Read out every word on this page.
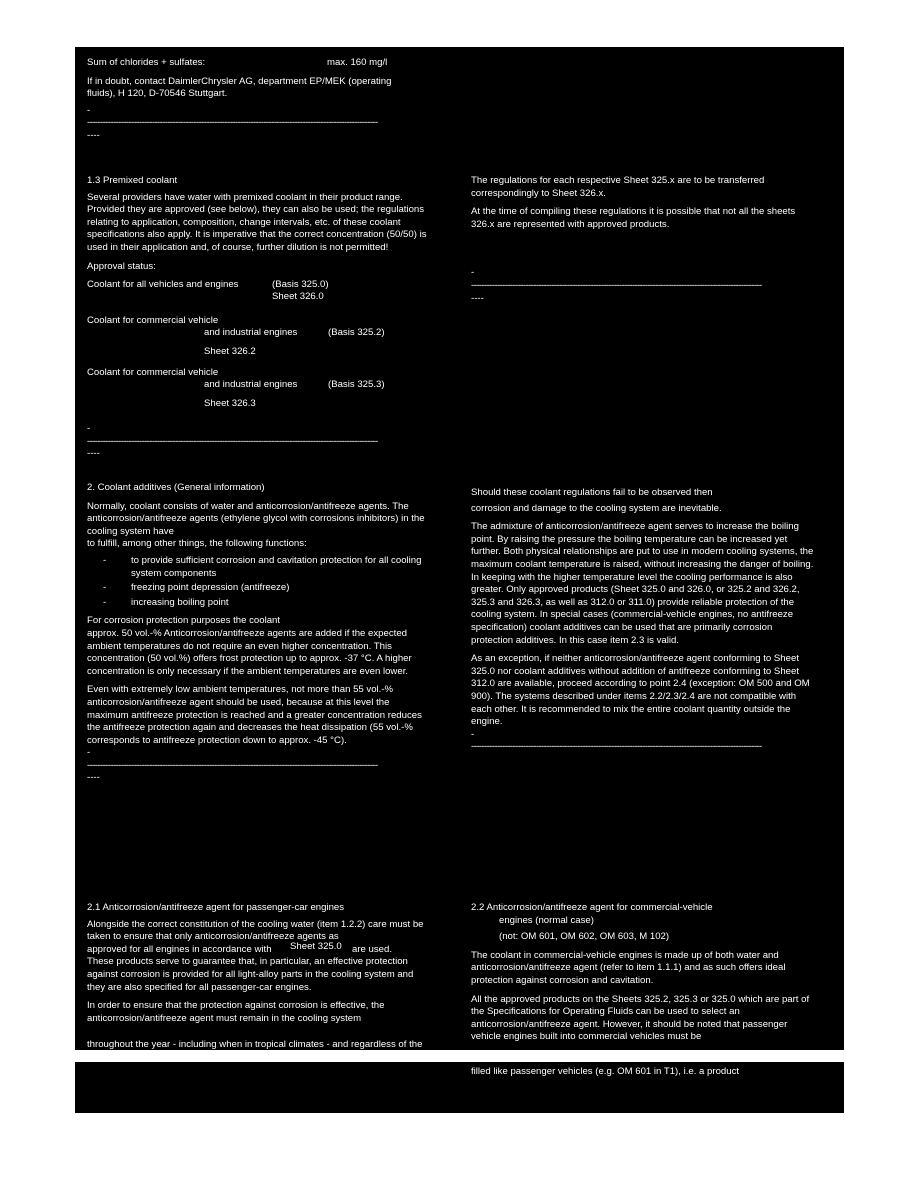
Sum of chlorides + sulfates:	max. 160 mg/l

If in doubt, contact DaimlerChrysler AG, department EP/MEK (operating fluids), H 120, D-70546 Stuttgart.

-

----------------------------------------------------------------------------------------------------------------

----

1.3 Premixed coolant

Several providers have water with premixed coolant in their product range. Provided they are approved (see below), they can also be used; the regulations relating to application, composition, change intervals, etc. of these coolant specifications also apply. It is imperative that the correct concentration (50/50) is used in their application and, of course, further dilution is not permitted!

Approval status:

Coolant for all vehicles and engines	(Basis 325.0)
Sheet 326.0
Coolant for commercial vehicle
and industrial engines	(Basis 325.2)
Sheet 326.2
Coolant for commercial vehicle
and industrial engines	(Basis 325.3)
Sheet 326.3

-

----------------------------------------------------------------------------------------------------------------

----

The regulations for each respective Sheet 325.x are to be transferred correspondingly to Sheet 326.x.

At the time of compiling these regulations it is possible that not all the sheets 326.x are represented with approved products.

-

----------------------------------------------------------------------------------------------------------------

----

2. Coolant additives (General information)

Normally, coolant consists of water and anticorrosion/antifreeze agents. The anticorrosion/antifreeze agents (ethylene glycol with corrosions inhibitors) in the cooling system have

to fulfill, among other things, the following functions:

- to provide sufficient corrosion and cavitation protection for all cooling system components
- freezing point depression (antifreeze)
- increasing boiling point

For corrosion protection purposes the coolant

approx. 50 vol.-% Anticorrosion/antifreeze agents are added if the expected ambient temperatures do not require an even higher concentration. This concentration (50 vol.%) offers frost protection up to approx. -37 °C. A higher concentration is only necessary if the ambient temperatures are even lower.

Even with extremely low ambient temperatures, not more than 55 vol.-% anticorrosion/antifreeze agent should be used, because at this level the maximum antifreeze protection is reached and a greater concentration reduces the antifreeze protection again and decreases the heat dissipation (55 vol.-% corresponds to antifreeze protection down to approx. -45 °C).

-

----------------------------------------------------------------------------------------------------------------

----

Should these coolant regulations fail to be observed then

corrosion and damage to the cooling system are inevitable.

The admixture of anticorrosion/antifreeze agent serves to increase the boiling point. By raising the pressure the boiling temperature can be increased yet further. Both physical relationships are put to use in modern cooling systems, the maximum coolant temperature is raised, without increasing the danger of boiling. In keeping with the higher temperature level the cooling performance is also greater. Only approved products (Sheet 325.0 and 326.0, or 325.2 and 326.2, 325.3 and 326.3, as well as 312.0 or 311.0) provide reliable protection of the cooling system. In special cases (commercial-vehicle engines, no antifreeze specification) coolant additives can be used that are primarily corrosion protection additives. In this case item 2.3 is valid.

As an exception, if neither anticorrosion/antifreeze agent conforming to Sheet 325.0 nor coolant additives without addition of antifreeze conforming to Sheet 312.0 are available, proceed according to point 2.4 (exception: OM 500 and OM 900). The systems described under items 2.2/2.3/2.4 are not compatible with each other. It is recommended to mix the entire coolant quantity outside the engine.

-

----------------------------------------------------------------------------------------------------------------

2.1 Anticorrosion/antifreeze agent for passenger-car engines

Alongside the correct constitution of the cooling water (item 1.2.2) care must be taken to ensure that only anticorrosion/antifreeze agents as

approved for all engines in accordance with Sheet 325.0 are used.

These products serve to guarantee that, in particular, an effective protection against corrosion is provided for all light-alloy parts in the cooling system and they are also specified for all passenger-car engines.

In order to ensure that the protection against corrosion is effective, the anticorrosion/antifreeze agent must remain in the cooling system

throughout the year - including when in tropical climates - and regardless of the

2.2 Anticorrosion/antifreeze agent for commercial-vehicle

engines (normal case)

(not: OM 601, OM 602, OM 603, M 102)

The coolant in commercial-vehicle engines is made up of both water and anticorrosion/antifreeze agent (refer to item 1.1.1) and as such offers ideal protection against corrosion and cavitation.

All the approved products on the Sheets 325.2, 325.3 or 325.0 which are part of the Specifications for Operating Fluids can be used to select an anticorrosion/antifreeze agent. However, it should be noted that passenger vehicle engines built into commercial vehicles must be

filled like passenger vehicles (e.g. OM 601 in T1), i.e. a product
